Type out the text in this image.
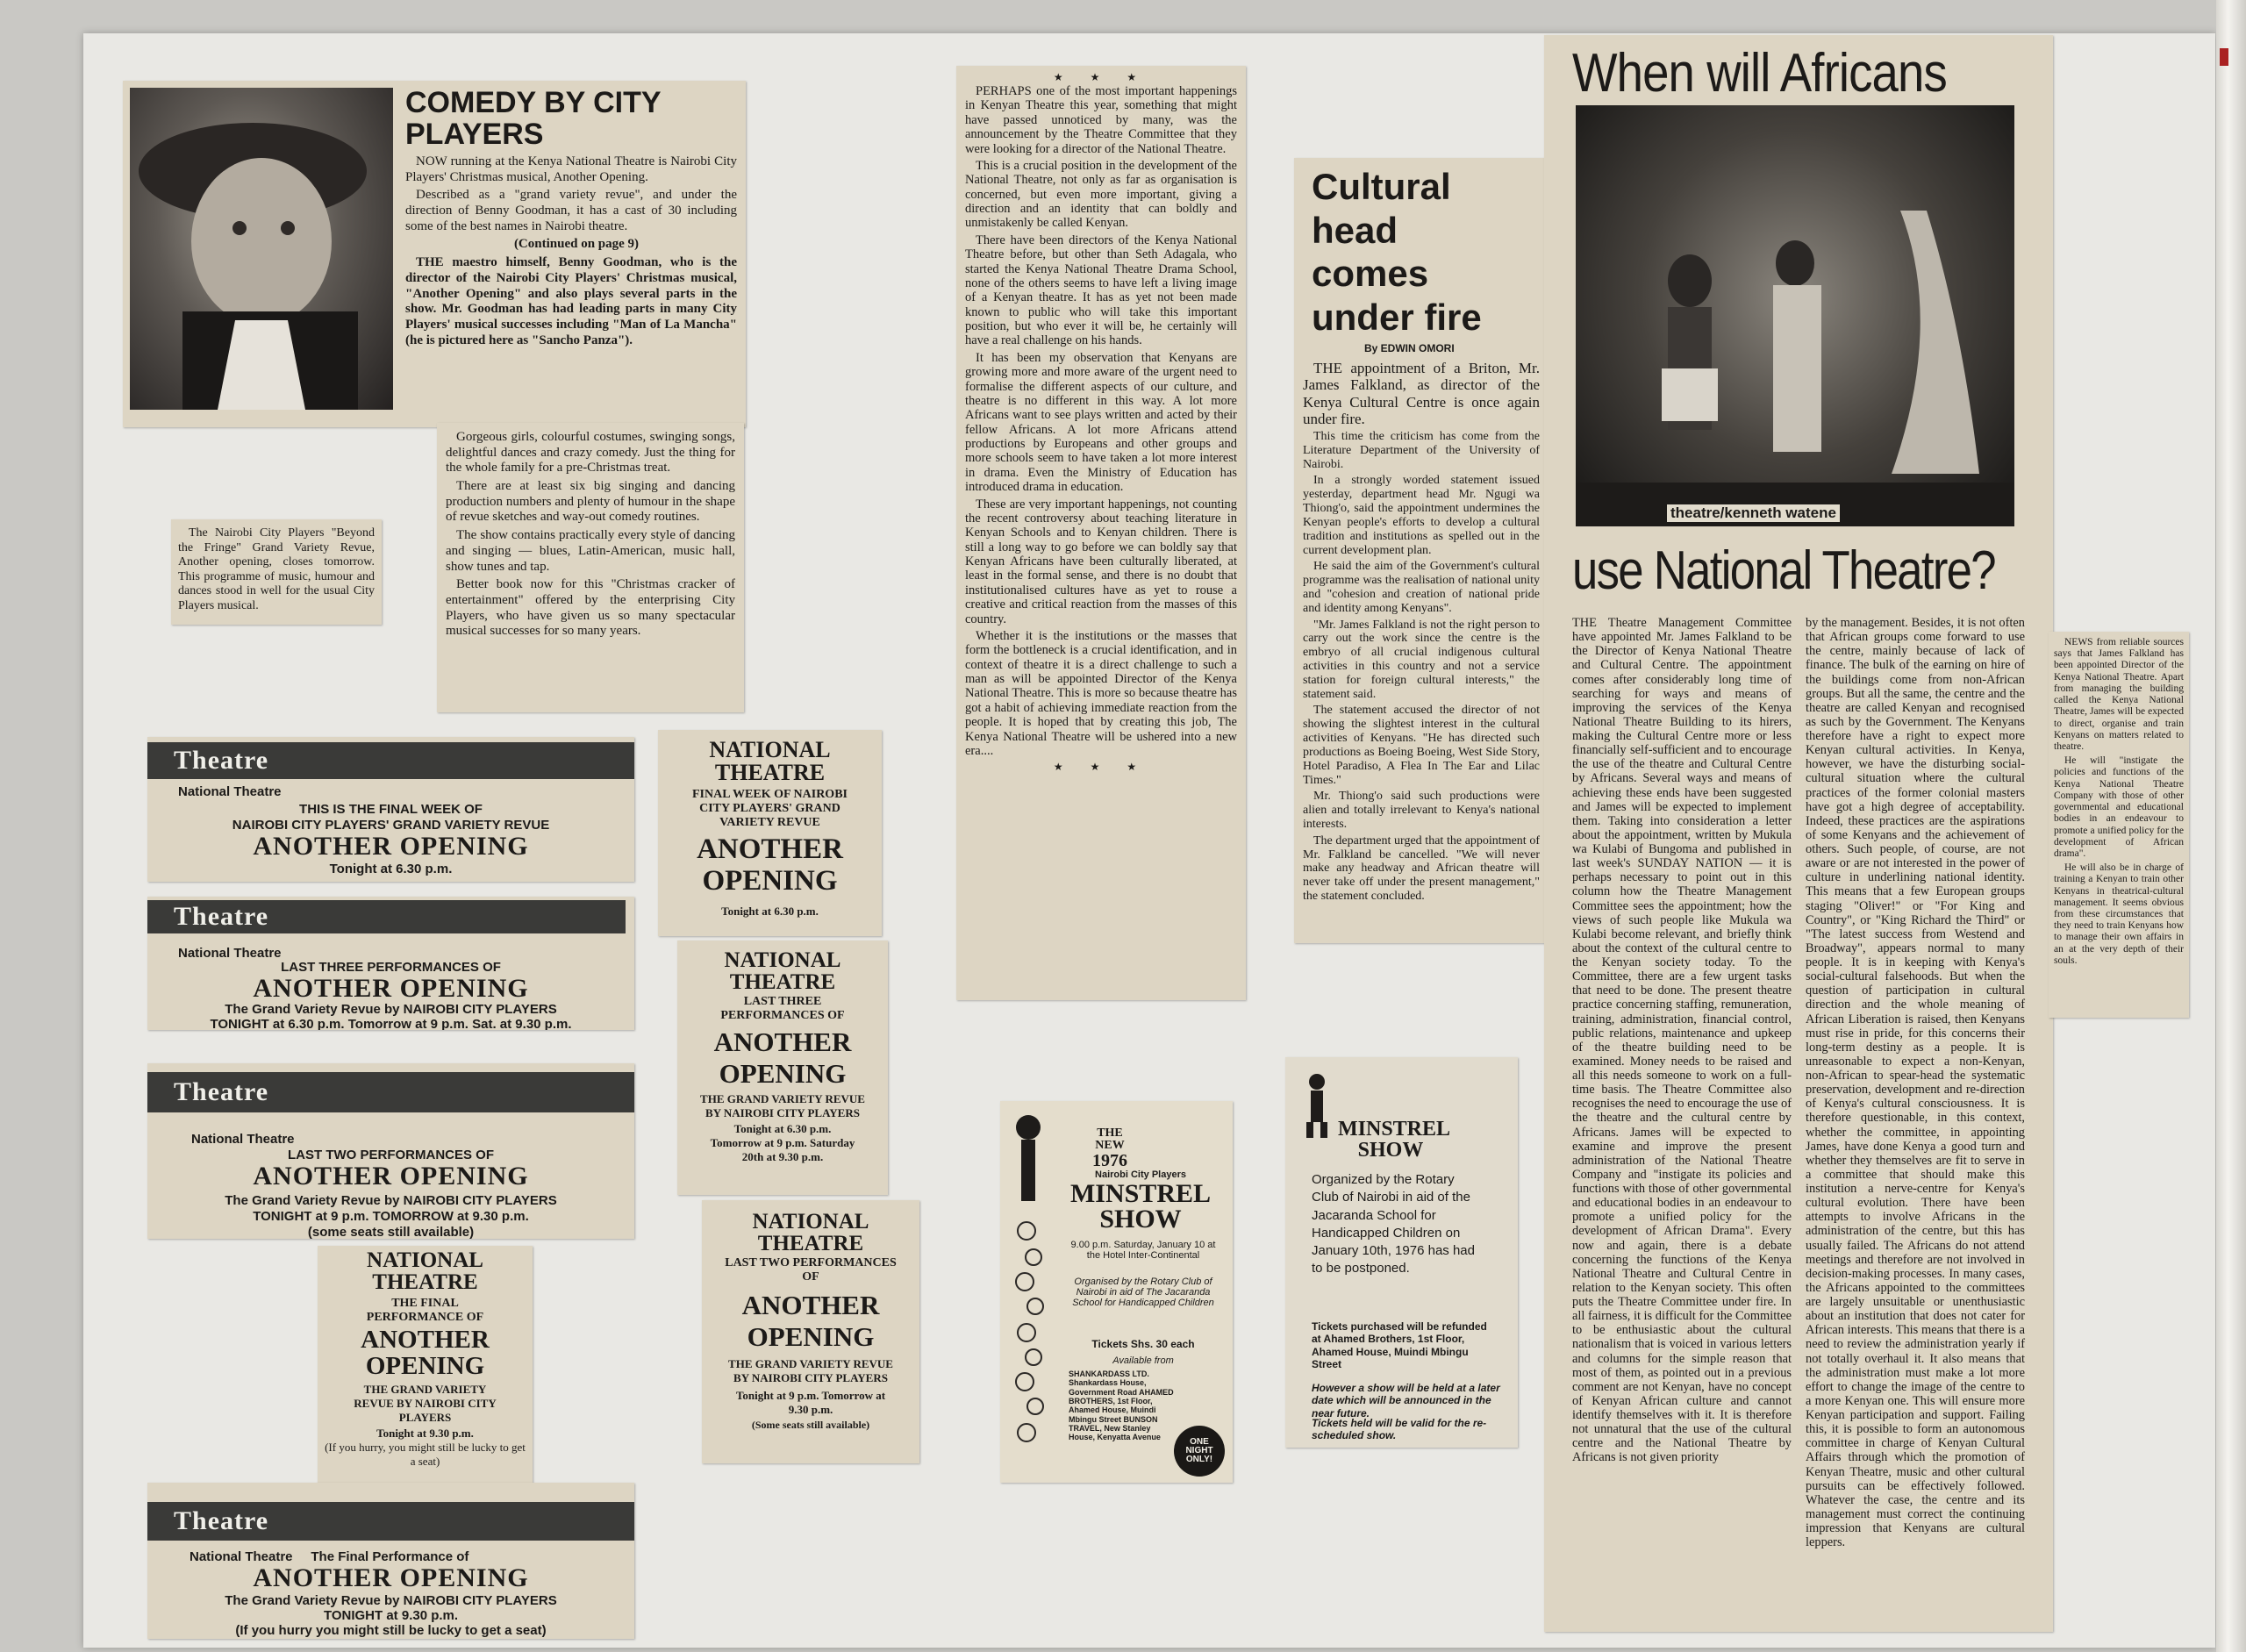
COMEDY BY CITY PLAYERS

NOW running at the Kenya National Theatre is Nairobi City Players' Christmas musical, Another Opening.

Described as a "grand variety revue", and under the direction of Benny Goodman, it has a cast of 30 including some of the best names in Nairobi theatre.

(Continued on page 9)

THE maestro himself, Benny Goodman, who is the director of the Nairobi City Players' Christmas musical, "Another Opening" and also plays several parts in the show. Mr. Goodman has had leading parts in many City Players' musical successes including "Man of La Mancha" (he is pictured here as "Sancho Panza").

Gorgeous girls, colourful costumes, swinging songs, delightful dances and crazy comedy. Just the thing for the whole family for a pre-Christmas treat.

There are at least six big singing and dancing production numbers and plenty of humour in the shape of revue sketches and way-out comedy routines.

The show contains practically every style of dancing and singing — blues, Latin-American, music hall, show tunes and tap.

Better book now for this "Christmas cracker of entertainment" offered by the enterprising City Players, who have given us so many spectacular musical successes for so many years.

The Nairobi City Players "Beyond the Fringe" Grand Variety Revue, Another opening, closes tomorrow. This programme of music, humour and dances stood in well for the usual City Players musical.

Theatre
National Theatre
THIS IS THE FINAL WEEK OF
NAIROBI CITY PLAYERS' GRAND VARIETY REVUE
ANOTHER OPENING
Tonight at 6.30 p.m.
Theatre
National Theatre
LAST THREE PERFORMANCES OF
ANOTHER OPENING
The Grand Variety Revue by NAIROBI CITY PLAYERS
TONIGHT at 6.30 p.m. Tomorrow at 9 p.m. Sat. at 9.30 p.m.
Theatre
National Theatre
LAST TWO PERFORMANCES OF
ANOTHER OPENING
The Grand Variety Revue by NAIROBI CITY PLAYERS
TONIGHT at 9 p.m. TOMORROW at 9.30 p.m.
(some seats still available)
NATIONAL THEATRE
THE FINAL PERFORMANCE OF
ANOTHER OPENING
THE GRAND VARIETY REVUE BY NAIROBI CITY PLAYERS
Tonight at 9.30 p.m.
(If you hurry, you might still be lucky to get a seat)
Theatre
National Theatre The Final Performance of
ANOTHER OPENING
The Grand Variety Revue by NAIROBI CITY PLAYERS
TONIGHT at 9.30 p.m.
(If you hurry you might still be lucky to get a seat)
NATIONAL THEATRE
FINAL WEEK OF NAIROBI CITY PLAYERS' GRAND VARIETY REVUE
ANOTHER OPENING
Tonight at 6.30 p.m.
NATIONAL THEATRE
LAST THREE PERFORMANCES OF
ANOTHER OPENING
THE GRAND VARIETY REVUE BY NAIROBI CITY PLAYERS
Tonight at 6.30 p.m. Tomorrow at 9 p.m. Saturday 20th at 9.30 p.m.
NATIONAL THEATRE
LAST TWO PERFORMANCES OF
ANOTHER OPENING
THE GRAND VARIETY REVUE BY NAIROBI CITY PLAYERS
Tonight at 9 p.m. Tomorrow at 9.30 p.m.
(Some seats still available)
★ ★ ★

PERHAPS one of the most important happenings in Kenyan Theatre this year, something that might have passed unnoticed by many, was the announcement by the Theatre Committee that they were looking for a director of the National Theatre.

This is a crucial position in the development of the National Theatre, not only as far as organisation is concerned, but even more important, giving a direction and an identity that can boldly and unmistakenly be called Kenyan.

There have been directors of the Kenya National Theatre before, but other than Seth Adagala, who started the Kenya National Theatre Drama School, none of the others seems to have left a living image of a Kenyan theatre. It has as yet not been made known to public who will take this important position, but who ever it will be, he certainly will have a real challenge on his hands.

It has been my observation that Kenyans are growing more and more aware of the urgent need to formalise the different aspects of our culture, and theatre is no different in this way. A lot more Africans want to see plays written and acted by their fellow Africans. A lot more Africans attend productions by Europeans and other groups and more schools seem to have taken a lot more interest in drama. Even the Ministry of Education has introduced drama in education.

These are very important happenings, not counting the recent controversy about teaching literature in Kenyan Schools and to Kenyan children. There is still a long way to go before we can boldly say that Kenyan Africans have been culturally liberated, at least in the formal sense, and there is no doubt that institutionalised cultures have as yet to rouse a creative and critical reaction from the masses of this country.

Whether it is the institutions or the masses that form the bottleneck is a crucial identification, and in context of theatre it is a direct challenge to such a man as will be appointed Director of the Kenya National Theatre. This is more so because theatre has got a habit of achieving immediate reaction from the people. It is hoped that by creating this job, The Kenya National Theatre will be ushered into a new era....

★ ★ ★
Cultural head comes under fire
By EDWIN OMORI

THE appointment of a Briton, Mr. James Falkland, as director of the Kenya Cultural Centre is once again under fire.

This time the criticism has come from the Literature Department of the University of Nairobi.

In a strongly worded statement issued yesterday, department head Mr. Ngugi wa Thiong'o, said the appointment undermines the Kenyan people's efforts to develop a cultural tradition and institutions as spelled out in the current development plan.

He said the aim of the Government's cultural programme was the realisation of national unity and "cohesion and creation of national pride and identity among Kenyans".

"Mr. James Falkland is not the right person to carry out the work since the centre is the embryo of all crucial indigenous cultural activities in this country and not a service station for foreign cultural interests," the statement said.

The statement accused the director of not showing the slightest interest in the cultural activities of Kenyans. "He has directed such productions as Boeing Boeing, West Side Story, Hotel Paradiso, A Flea In The Ear and Lilac Times."

Mr. Thiong'o said such productions were alien and totally irrelevant to Kenya's national interests.

The department urged that the appointment of Mr. Falkland be cancelled. "We will never make any headway and African theatre will never take off under the present management," the statement concluded.

THE NEW
1976
Nairobi City Players
MINSTREL SHOW
9.00 p.m. Saturday, January 10 at the Hotel Inter-Continental
Organised by the Rotary Club of Nairobi in aid of The Jacaranda School for Handicapped Children
Tickets Shs. 30 each
Available from
SHANKARDASS LTD. Shankardass House, Government Road AHAMED BROTHERS, 1st Floor, Ahamed House, Muindi Mbingu Street BUNSON TRAVEL, New Stanley House, Kenyatta Avenue	ONE NIGHT ONLY!
MINSTREL SHOW
Organized by the Rotary Club of Nairobi in aid of the Jacaranda School for Handicapped Children on January 10th, 1976 has had to be postponed.
Tickets purchased will be refunded at Ahamed Brothers, 1st Floor, Ahamed House, Muindi Mbingu Street
However a show will be held at a later date which will be announced in the near future.
Tickets held will be valid for the re-scheduled show.
When will Africans
theatre/kenneth watene
use National Theatre?
THE Theatre Management Committee have appointed Mr. James Falkland to be the Director of Kenya National Theatre and Cultural Centre. The appointment comes after considerably long time of searching for ways and means of improving the services of the Kenya National Theatre Building to its hirers, making the Cultural Centre more or less financially self-sufficient and to encourage the use of the theatre and Cultural Centre by Africans. Several ways and means of achieving these ends have been suggested and James will be expected to implement them. Taking into consideration a letter about the appointment, written by Mukula wa Kulabi of Bungoma and published in last week's SUNDAY NATION — it is perhaps necessary to point out in this column how the Theatre Management Committee sees the appointment; how the views of such people like Mukula wa Kulabi become relevant, and briefly think about the context of the cultural centre to the Kenyan society today. To the Committee, there are a few urgent tasks that need to be done. The present theatre practice concerning staffing, remuneration, training, administration, financial control, public relations, maintenance and upkeep of the theatre building need to be examined. Money needs to be raised and all this needs someone to work on a full-time basis. The Theatre Committee also recognises the need to encourage the use of the theatre and the cultural centre by Africans. James will be expected to examine and improve the present administration of the National Theatre Company and "instigate its policies and functions with those of other governmental and educational bodies in an endeavour to promote a unified policy for the development of African Drama". Every now and again, there is a debate concerning the functions of the Kenya National Theatre and Cultural Centre in relation to the Kenyan society. This often puts the Theatre Committee under fire. In all fairness, it is difficult for the Committee to be enthusiastic about the cultural nationalism that is voiced in various letters and columns for the simple reason that most of them, as pointed out in a previous comment are not Kenyan, have no concept of Kenyan African culture and cannot identify themselves with it. It is therefore not unnatural that the use of the cultural centre and the National Theatre by Africans is not given priority
by the management. Besides, it is not often that African groups come forward to use the centre, mainly because of lack of finance. The bulk of the earning on hire of the buildings come from non-African groups. But all the same, the centre and the theatre are called Kenyan and recognised as such by the Government. The Kenyans therefore have a right to expect more Kenyan cultural activities. In Kenya, however, we have the disturbing social-cultural situation where the cultural practices of the former colonial masters have got a high degree of acceptability. Indeed, these practices are the aspirations of some Kenyans and the achievement of others. Such people, of course, are not aware or are not interested in the power of culture in underlining national identity. This means that a few European groups staging "Oliver!" or "For King and Country", or "King Richard the Third" or "The latest success from Westend and Broadway", appears normal to many people. It is in keeping with Kenya's social-cultural falsehoods. But when the question of participation in cultural direction and the whole meaning of African Liberation is raised, then Kenyans must rise in pride, for this concerns their long-term destiny as a people. It is unreasonable to expect a non-Kenyan, non-African to spear-head the systematic preservation, development and re-direction of Kenya's cultural consciousness. It is therefore questionable, in this context, whether the committee, in appointing James, have done Kenya a good turn and whether they themselves are fit to serve in a committee that should make this institution a nerve-centre for Kenya's cultural evolution. There have been attempts to involve Africans in the administration of the centre, but this has usually failed. The Africans do not attend meetings and therefore are not involved in decision-making processes. In many cases, the Africans appointed to the committees are largely unsuitable or unenthusiastic about an institution that does not cater for African interests. This means that there is a need to review the administration yearly if not totally overhaul it. It also means that the administration must make a lot more effort to change the image of the centre to a more Kenyan one. This will ensure more Kenyan participation and support. Failing this, it is possible to form an autonomous committee in charge of Kenyan Cultural Affairs through which the promotion of Kenyan Theatre, music and other cultural pursuits can be effectively followed. Whatever the case, the centre and its management must correct the continuing impression that Kenyans are cultural leppers.

NEWS from reliable sources says that James Falkland has been appointed Director of the Kenya National Theatre. Apart from managing the building called the Kenya National Theatre, James will be expected to direct, organise and train Kenyans on matters related to theatre.

He will "instigate the policies and functions of the Kenya National Theatre Company with those of other governmental and educational bodies in an endeavour to promote a unified policy for the development of African drama".

He will also be in charge of training a Kenyan to train other Kenyans in theatrical-cultural management. It seems obvious from these circumstances that they need to train Kenyans how to manage their own affairs in an at the very depth of their souls.
